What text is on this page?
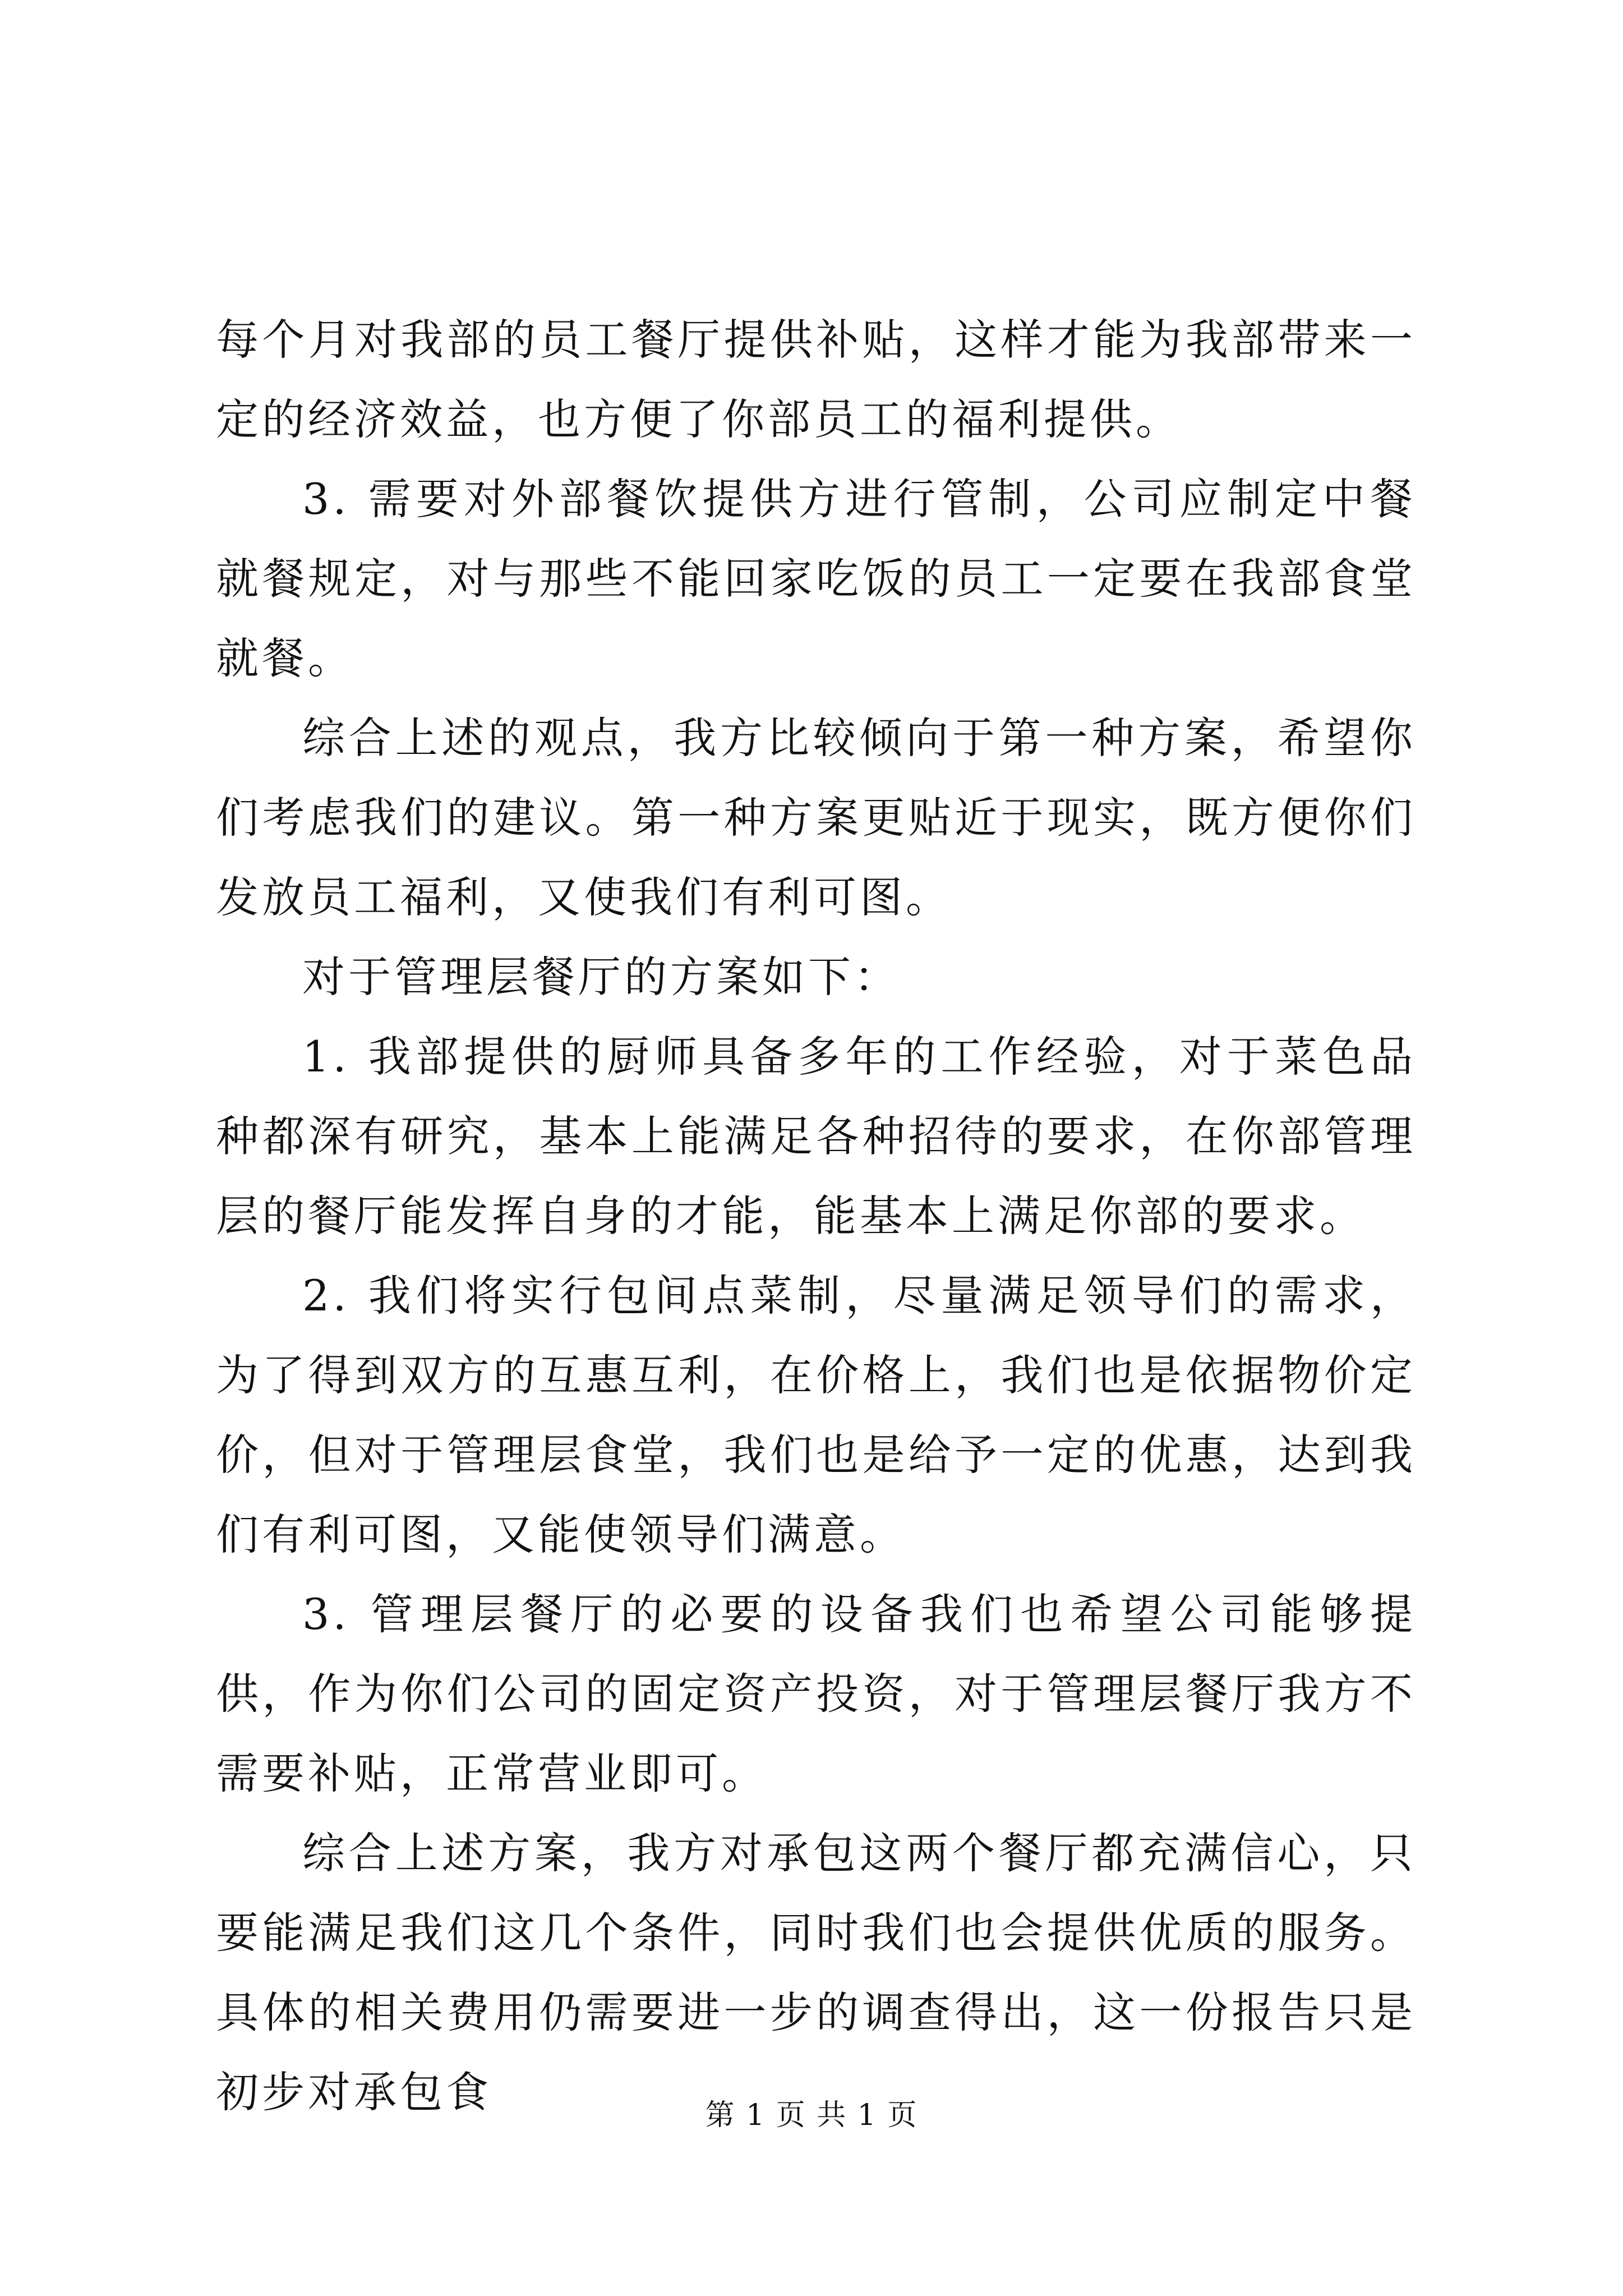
每个月对我部的员工餐厅提供补贴，这样才能为我部带来一定的经济效益，也方便了你部员工的福利提供。

3. 需要对外部餐饮提供方进行管制，公司应制定中餐就餐规定，对与那些不能回家吃饭的员工一定要在我部食堂就餐。

综合上述的观点，我方比较倾向于第一种方案，希望你们考虑我们的建议。第一种方案更贴近于现实，既方便你们发放员工福利，又使我们有利可图。

对于管理层餐厅的方案如下：

1. 我部提供的厨师具备多年的工作经验，对于菜色品种都深有研究，基本上能满足各种招待的要求，在你部管理层的餐厅能发挥自身的才能，能基本上满足你部的要求。

2. 我们将实行包间点菜制，尽量满足领导们的需求，为了得到双方的互惠互利，在价格上，我们也是依据物价定价，但对于管理层食堂，我们也是给予一定的优惠，达到我们有利可图，又能使领导们满意。

3. 管理层餐厅的必要的设备我们也希望公司能够提供，作为你们公司的固定资产投资，对于管理层餐厅我方不需要补贴，正常营业即可。

综合上述方案，我方对承包这两个餐厅都充满信心，只要能满足我们这几个条件，同时我们也会提供优质的服务。具体的相关费用仍需要进一步的调查得出，这一份报告只是初步对承包食	第 1 页 共 1 页
